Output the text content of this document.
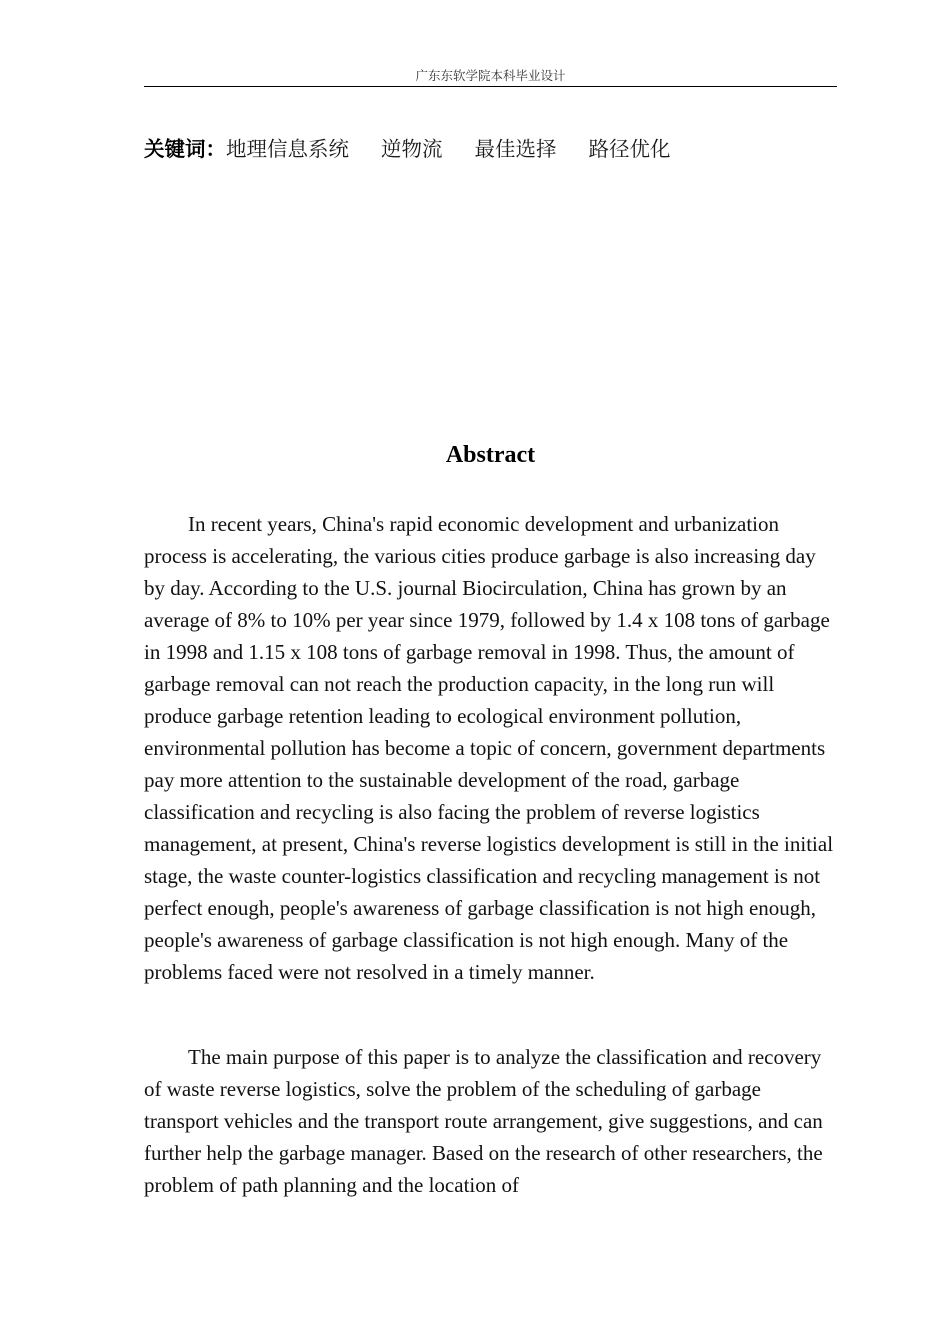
广东东软学院本科毕业设计
关键词：地理信息系统 逆物流 最佳选择 路径优化
Abstract

In recent years, China's rapid economic development and urbanization process is accelerating, the various cities produce garbage is also increasing day by day. According to the U.S. journal Biocirculation, China has grown by an average of 8% to 10% per year since 1979, followed by 1.4 x 108 tons of garbage in 1998 and 1.15 x 108 tons of garbage removal in 1998. Thus, the amount of garbage removal can not reach the production capacity, in the long run will produce garbage retention leading to ecological environment pollution, environmental pollution has become a topic of concern, government departments pay more attention to the sustainable development of the road, garbage classification and recycling is also facing the problem of reverse logistics management, at present, China's reverse logistics development is still in the initial stage, the waste counter-logistics classification and recycling management is not perfect enough, people's awareness of garbage classification is not high enough, people's awareness of garbage classification is not high enough. Many of the problems faced were not resolved in a timely manner.

The main purpose of this paper is to analyze the classification and recovery of waste reverse logistics, solve the problem of the scheduling of garbage transport vehicles and the transport route arrangement, give suggestions, and can further help the garbage manager. Based on the research of other researchers, the problem of path planning and the location of
